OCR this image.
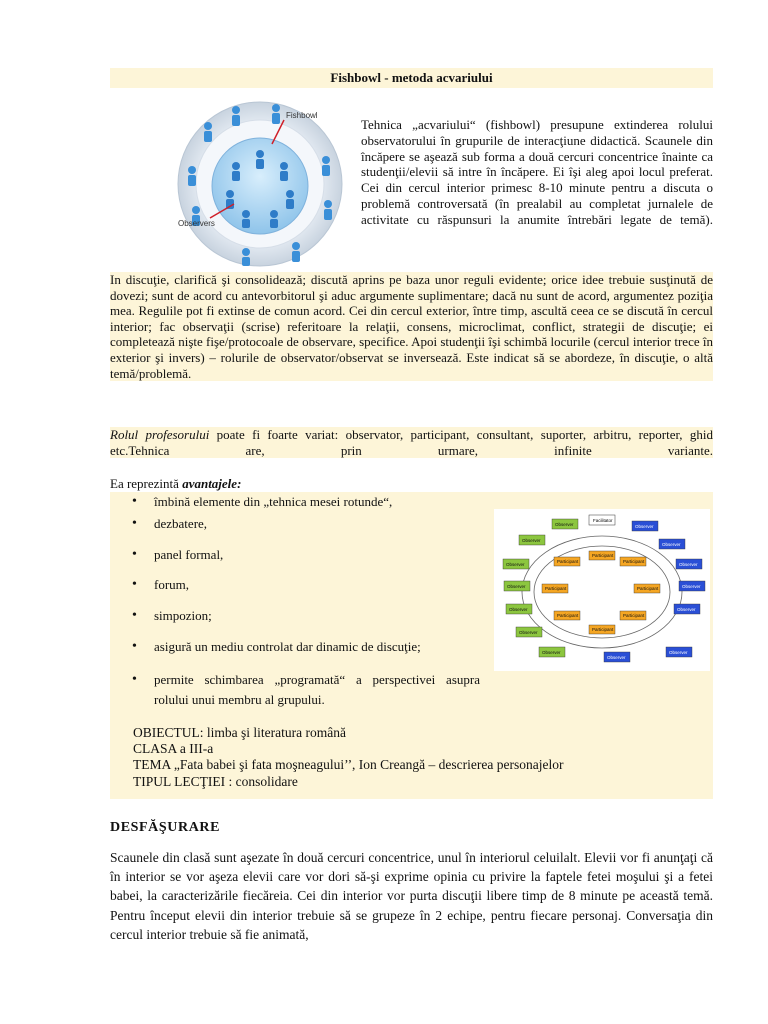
Fishbowl - metoda acvariului
Fishbowl
Observers
Tehnica „acvariului“ (fishbowl) presupune extinderea rolului observatorului în grupurile de interacţiune didactică. Scaunele din încăpere se aşează sub forma a două cercuri concentrice înainte ca studenţii/elevii să intre în încăpere. Ei îşi aleg apoi locul preferat. Cei din cercul interior primesc 8-10 minute pentru a discuta o problemă controversată (în prealabil au completat jurnalele de activitate cu răspunsuri la anumite întrebări legate de temă).
In discuţie, clarifică şi consolidează; discută aprins pe baza unor reguli evidente; orice idee trebuie susţinută de dovezi; sunt de acord cu antevorbitorul şi aduc argumente suplimentare; dacă nu sunt de acord, argumentez poziţia mea. Regulile pot fi extinse de comun acord. Cei din cercul exterior, între timp, ascultă ceea ce se discută în cercul interior; fac observaţii (scrise) referitoare la relaţii, consens, microclimat, conflict, strategii de discuţie; ei completează nişte fişe/protocoale de observare, specifice. Apoi studenţii îşi schimbă locurile (cercul interior trece în exterior şi invers) – rolurile de observator/observat se inversează. Este indicat să se abordeze, în discuţie, o altă temă/problemă.
Rolul profesorului poate fi foarte variat: observator, participant, consultant, suporter, arbitru, reporter, ghid etc.Tehnica are, prin urmare, infinite variante.
Ea reprezintă avantajele:
• îmbină elemente din „tehnica mesei rotunde“,
• dezbatere,
• panel formal,
• forum,
• simpozion;
• asigură un mediu controlat dar dinamic de discuţie;
• permite schimbarea „programată“ a perspectivei asupra rolului unui membru al grupului.
Facilitator
Observer
Observer
Observer
Observer
Observer
Observer
Observer
Participant
Participant	Participant
Participant	Participant
Participant	Participant
Participant
Observer
Observer
Observer
Observer
Observer
Observer
Observer
OBIECTUL: limba şi literatura română
CLASA a III-a
TEMA „Fata babei şi fata moşneagului’’, Ion Creangă – descrierea personajelor
TIPUL LECŢIEI : consolidare
DESFĂŞURARE
Scaunele din clasă sunt aşezate în două cercuri concentrice, unul în interiorul celuilalt. Elevii vor fi anunţaţi că în interior se vor aşeza elevii care vor dori să-şi exprime opinia cu privire la faptele fetei moşului şi a fetei babei, la caracterizările fiecăreia. Cei din interior vor purta discuţii libere timp de 8 minute pe această temă. Pentru început elevii din interior trebuie să se grupeze în 2 echipe, pentru fiecare personaj. Conversaţia din cercul interior trebuie să fie animată,
